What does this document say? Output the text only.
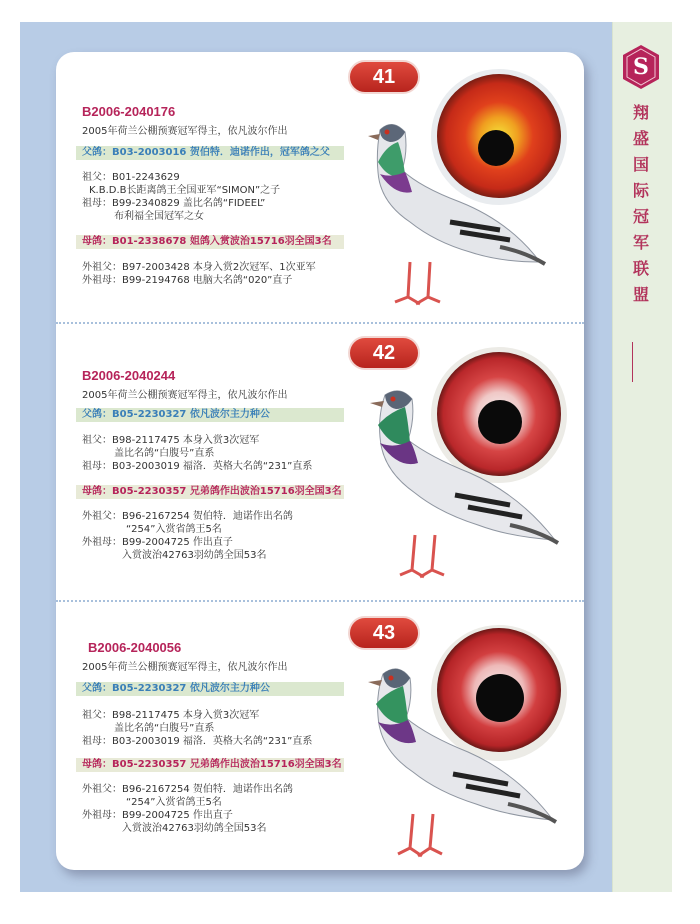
S
翔
盛
国
际
冠
军
联
盟
41
B2006-2040176
2005年荷兰公棚预赛冠军得主，依凡波尔作出
父鸽：B03-2003016 贺伯特．迪诺作出，冠军鸽之父
祖父：B01-2243629
K.B.D.B长距离鸽王全国亚军“SIMON”之子
祖母：B99-2340829 盖比名鸽“FIDEEL”
布利福全国冠军之女
母鸽：B01-2338678 姐鸽入赏波治15716羽全国3名
外祖父：B97-2003428 本身入赏2次冠军、1次亚军
外祖母：B99-2194768 电脑大名鸽“020”直子
42
B2006-2040244
2005年荷兰公棚预赛冠军得主，依凡波尔作出
父鸽：B05-2230327 依凡波尔主力种公
祖父：B98-2117475 本身入赏3次冠军
盖比名鸽“白腹号”直系
祖母：B03-2003019 福洛．英格大名鸽“231”直系
母鸽：B05-2230357 兄弟鸽作出波治15716羽全国3名
外祖父：B96-2167254 贺伯特．迪诺作出名鸽
“254”入赏省鸽王5名
外祖母：B99-2004725 作出直子
入赏波治42763羽幼鸽全国53名
43
B2006-2040056
2005年荷兰公棚预赛冠军得主，依凡波尔作出
父鸽：B05-2230327 依凡波尔主力种公
祖父：B98-2117475 本身入赏3次冠军
盖比名鸽“白腹号”直系
祖母：B03-2003019 福洛．英格大名鸽“231”直系
母鸽：B05-2230357 兄弟鸽作出波治15716羽全国3名
外祖父：B96-2167254 贺伯特．迪诺作出名鸽
“254”入赏省鸽王5名
外祖母：B99-2004725 作出直子
入赏波治42763羽幼鸽全国53名
